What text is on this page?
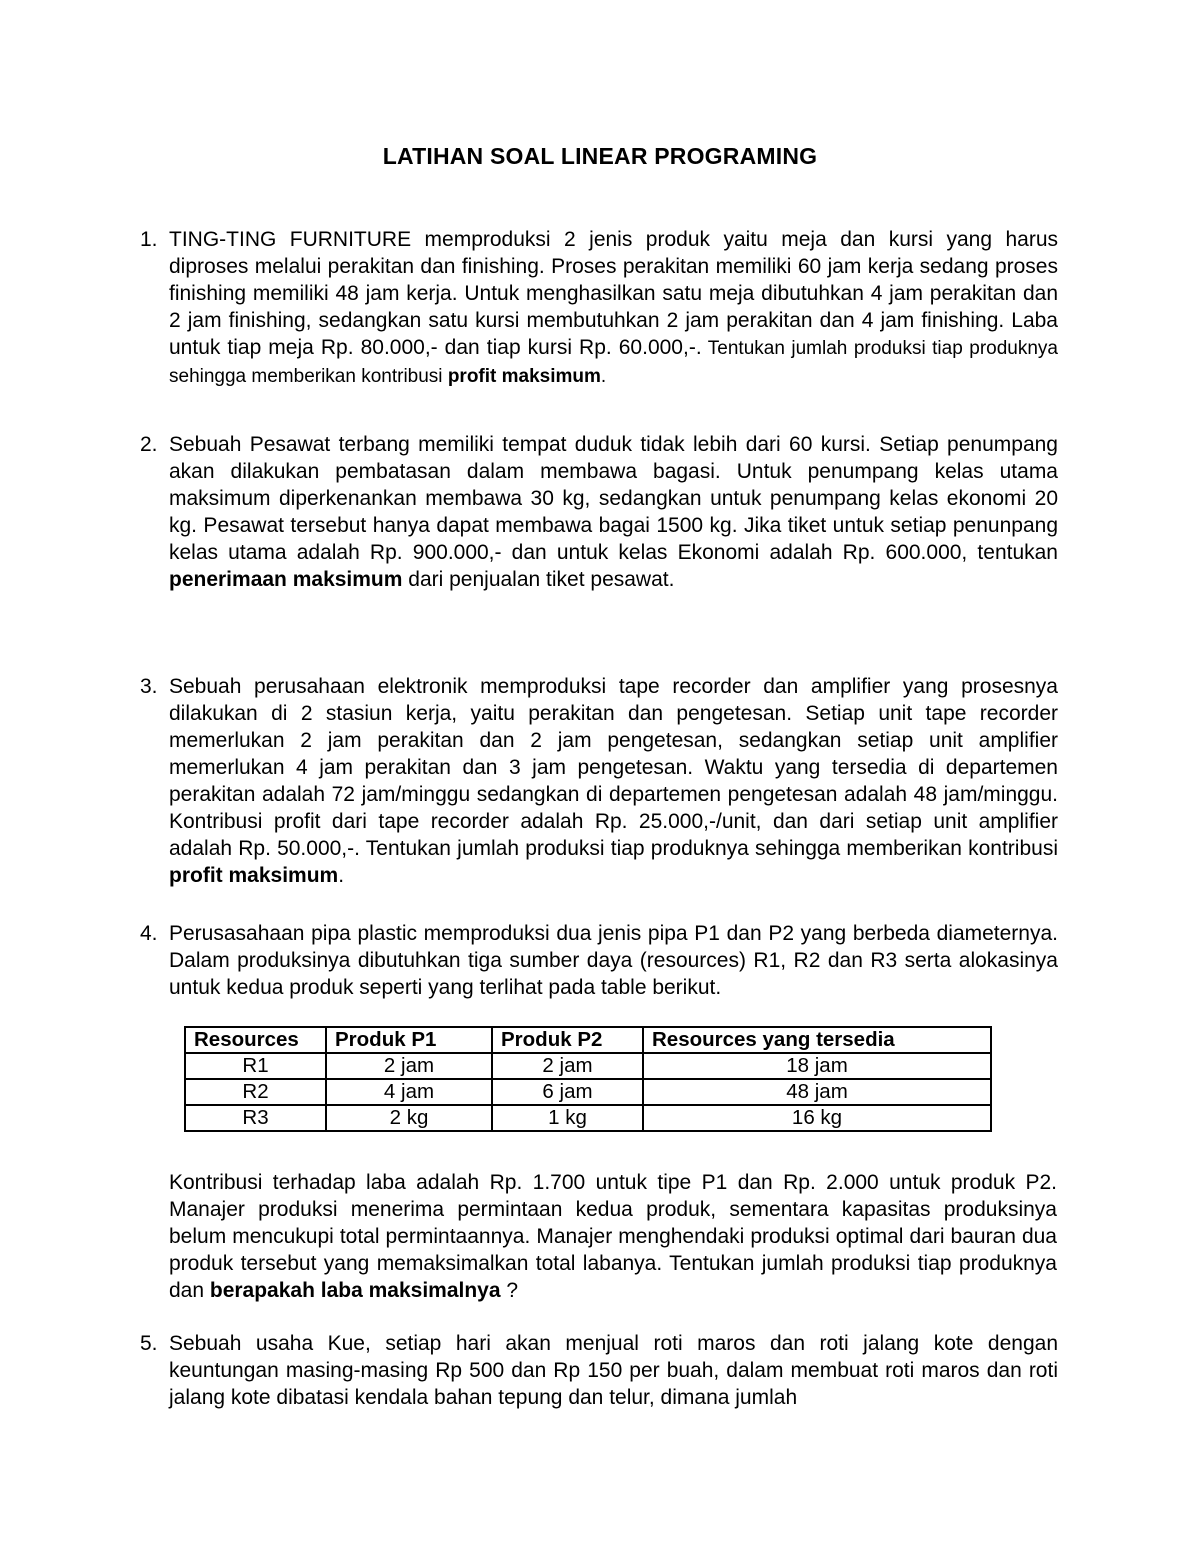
LATIHAN SOAL LINEAR PROGRAMING
1. TING-TING FURNITURE memproduksi 2 jenis produk yaitu meja dan kursi yang harus diproses melalui perakitan dan finishing. Proses perakitan memiliki 60 jam kerja sedang proses finishing memiliki 48 jam kerja. Untuk menghasilkan satu meja dibutuhkan 4 jam perakitan dan 2 jam finishing, sedangkan satu kursi membutuhkan 2 jam perakitan dan 4 jam finishing. Laba untuk tiap meja Rp. 80.000,- dan tiap kursi Rp. 60.000,-. Tentukan jumlah produksi tiap produknya sehingga memberikan kontribusi profit maksimum.
2. Sebuah Pesawat terbang memiliki tempat duduk tidak lebih dari 60 kursi. Setiap penumpang akan dilakukan pembatasan dalam membawa bagasi. Untuk penumpang kelas utama maksimum diperkenankan membawa 30 kg, sedangkan untuk penumpang kelas ekonomi 20 kg. Pesawat tersebut hanya dapat membawa bagai 1500 kg. Jika tiket untuk setiap penunpang kelas utama adalah Rp. 900.000,- dan untuk kelas Ekonomi adalah Rp. 600.000, tentukan penerimaan maksimum dari penjualan tiket pesawat.
3. Sebuah perusahaan elektronik memproduksi tape recorder dan amplifier yang prosesnya dilakukan di 2 stasiun kerja, yaitu perakitan dan pengetesan. Setiap unit tape recorder memerlukan 2 jam perakitan dan 2 jam pengetesan, sedangkan setiap unit amplifier memerlukan 4 jam perakitan dan 3 jam pengetesan. Waktu yang tersedia di departemen perakitan adalah 72 jam/minggu sedangkan di departemen pengetesan adalah 48 jam/minggu. Kontribusi profit dari tape recorder adalah Rp. 25.000,-/unit, dan dari setiap unit amplifier adalah Rp. 50.000,-. Tentukan jumlah produksi tiap produknya sehingga memberikan kontribusi profit maksimum.
4. Perusasahaan pipa plastic memproduksi dua jenis pipa P1 dan P2 yang berbeda diameternya. Dalam produksinya dibutuhkan tiga sumber daya (resources) R1, R2 dan R3 serta alokasinya untuk kedua produk seperti yang terlihat pada table berikut.
Resources	Produk P1	Produk P2	Resources yang tersedia
R1	2 jam	2 jam	18 jam
R2	4 jam	6 jam	48 jam
R3	2 kg	1 kg	16 kg
Kontribusi terhadap laba adalah Rp. 1.700 untuk tipe P1 dan Rp. 2.000 untuk produk P2. Manajer produksi menerima permintaan kedua produk, sementara kapasitas produksinya belum mencukupi total permintaannya. Manajer menghendaki produksi optimal dari bauran dua produk tersebut yang memaksimalkan total labanya. Tentukan jumlah produksi tiap produknya dan berapakah laba maksimalnya ?
5. Sebuah usaha Kue, setiap hari akan menjual roti maros dan roti jalang kote dengan keuntungan masing-masing Rp 500 dan Rp 150 per buah, dalam membuat roti maros dan roti jalang kote dibatasi kendala bahan tepung dan telur, dimana jumlah
